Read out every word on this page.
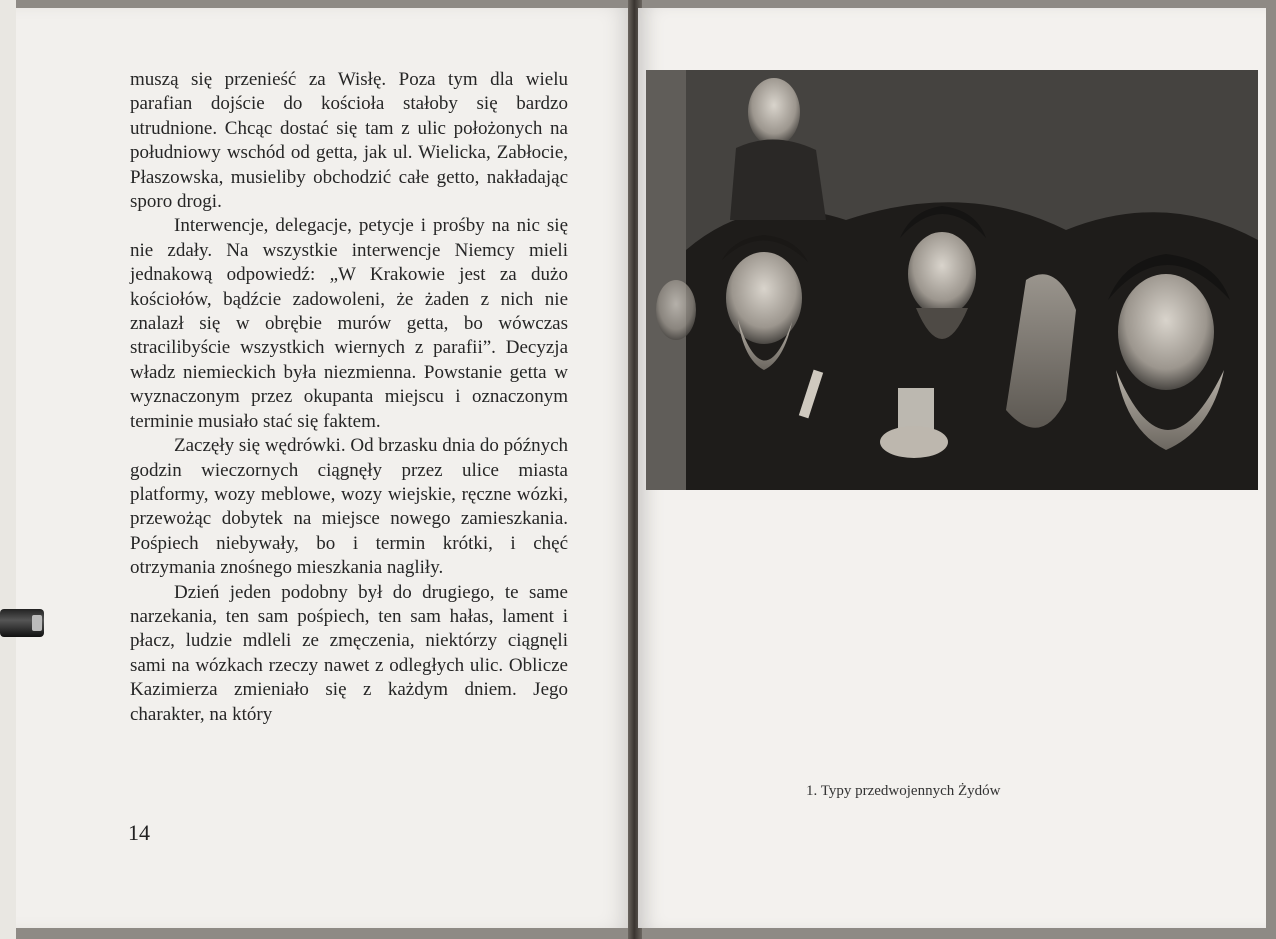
muszą się przenieść za Wisłę. Poza tym dla wielu parafian dojście do kościoła stałoby się bardzo utrudnione. Chcąc dostać się tam z ulic położonych na południowy wschód od getta, jak ul. Wielicka, Zabłocie, Płaszowska, musieliby obchodzić całe getto, nakładając sporo drogi.

Interwencje, delegacje, petycje i prośby na nic się nie zdały. Na wszystkie interwencje Niemcy mieli jednakową odpowiedź: „W Krakowie jest za dużo kościołów, bądźcie zadowoleni, że żaden z nich nie znalazł się w obrębie murów getta, bo wówczas stracilibyście wszystkich wiernych z parafii”. Decyzja władz niemieckich była niezmienna. Powstanie getta w wyznaczonym przez okupanta miejscu i oznaczonym terminie musiało stać się faktem.

Zaczęły się wędrówki. Od brzasku dnia do późnych godzin wieczornych ciągnęły przez ulice miasta platformy, wozy meblowe, wozy wiejskie, ręczne wózki, przewożąc dobytek na miejsce nowego zamieszkania. Pośpiech niebywały, bo i termin krótki, i chęć otrzymania znośnego mieszkania nagliły.

Dzień jeden podobny był do drugiego, te same narzekania, ten sam pośpiech, ten sam hałas, lament i płacz, ludzie mdleli ze zmęczenia, niektórzy ciągnęli sami na wózkach rzeczy nawet z odległych ulic. Oblicze Kazimierza zmieniało się z każdym dniem. Jego charakter, na który

14
1. Typy przedwojennych Żydów
